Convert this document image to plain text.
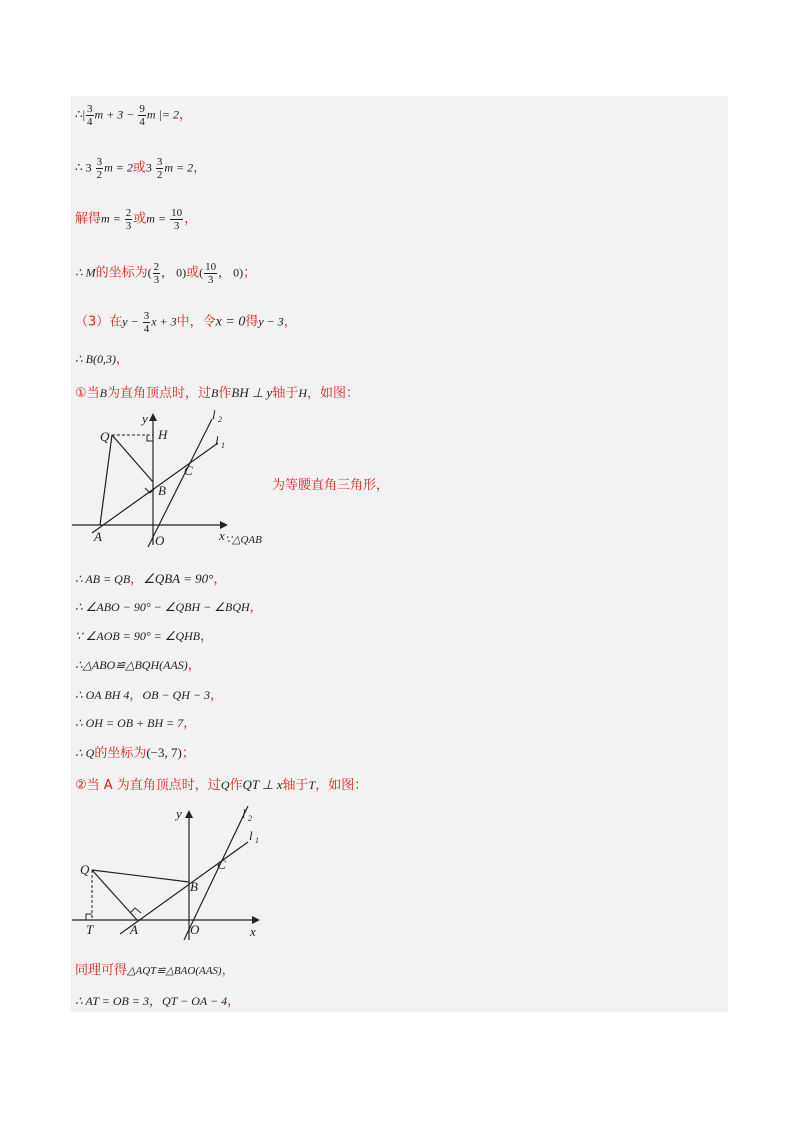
∴| $\frac{3}{4}$ $m + 3 - \frac{9}{4}$ m |= 2，
∴ $3 \frac{3}{2}$ m = 2或$3 \frac{3}{2}$ m = 2，
解得$m = \frac{2}{3}$ 或$m = \frac{10}{3}$ ，
∴ M的坐标为( $\frac{2}{3}$ ， 0)或( $\frac{10}{3}$ ， 0)；
（3）在$y - \frac{3}{4}$ x + 3中，令x = 0得y − 3，
∴ B(0,3)，
①当B为直角顶点时，过B作BH ⊥ y轴于H，如图：
y
x
O
A
B
C
Q	H
l 2
l 1
∵△QAB
为等腰直角三角形，
∴ AB = QB，∠QBA = 90°，
∴ ∠ABO − 90° − ∠QBH − ∠BQH，
∵ ∠AOB = 90° = ∠QHB，
∴△ABO≌△BQH(AAS)，
∴ OA BH 4，OB − QH − 3，
∴ OH = OB + BH = 7，
∴ Q的坐标为(−3, 7)；
②当 A 为直角顶点时，过Q作QT ⊥ x轴于T，如图：
y
x
O
A
B
C
Q
T
l 2
l 1
同理可得△AQT≌△BAO(AAS)，
∴ AT = OB = 3，QT − OA − 4，
